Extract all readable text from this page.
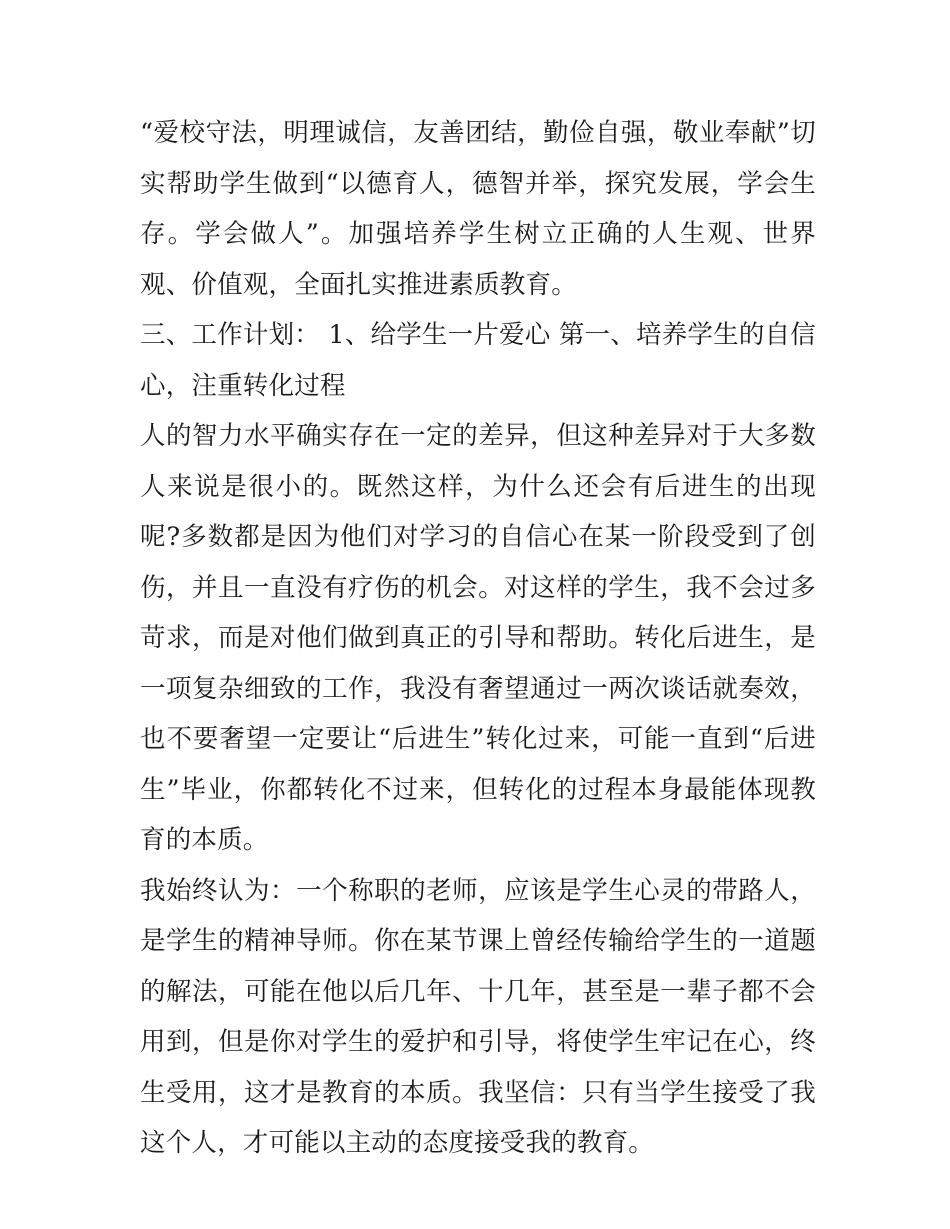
“爱校守法，明理诚信，友善团结，勤俭自强，敬业奉献”切实帮助学生做到“以德育人，德智并举，探究发展，学会生存。学会做人”。加强培养学生树立正确的人生观、世界观、价值观，全面扎实推进素质教育。

三、工作计划： 1、给学生一片爱心 第一、培养学生的自信心，注重转化过程

人的智力水平确实存在一定的差异，但这种差异对于大多数人来说是很小的。既然这样，为什么还会有后进生的出现呢?多数都是因为他们对学习的自信心在某一阶段受到了创伤，并且一直没有疗伤的机会。对这样的学生，我不会过多苛求，而是对他们做到真正的引导和帮助。转化后进生，是一项复杂细致的工作，我没有奢望通过一两次谈话就奏效，也不要奢望一定要让“后进生”转化过来，可能一直到“后进生”毕业，你都转化不过来，但转化的过程本身最能体现教育的本质。

我始终认为：一个称职的老师，应该是学生心灵的带路人，是学生的精神导师。你在某节课上曾经传输给学生的一道题的解法，可能在他以后几年、十几年，甚至是一辈子都不会用到，但是你对学生的爱护和引导，将使学生牢记在心，终生受用，这才是教育的本质。我坚信：只有当学生接受了我这个人，才可能以主动的态度接受我的教育。
